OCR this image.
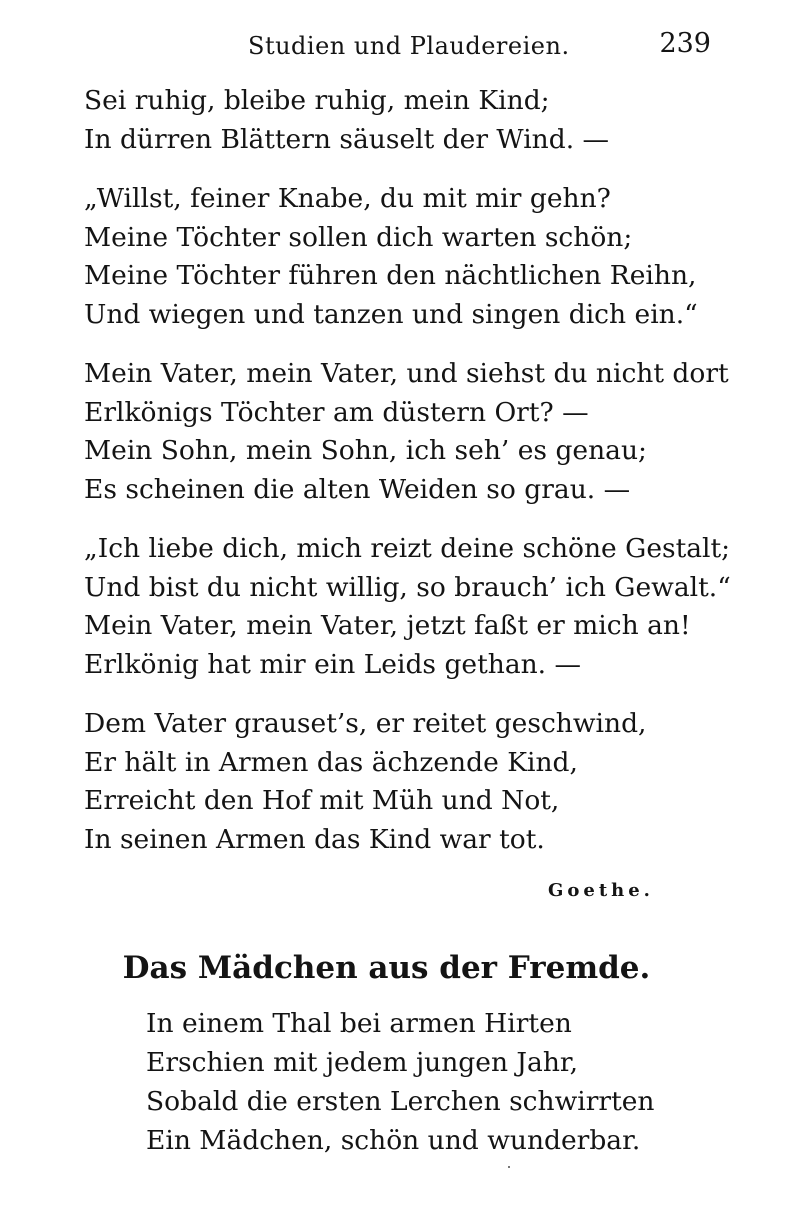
Studien und Plaudereien.	239
Sei ruhig, bleibe ruhig, mein Kind;
In dürren Blättern säuselt der Wind. —
„Willst, feiner Knabe, du mit mir gehn?
Meine Töchter sollen dich warten schön;
Meine Töchter führen den nächtlichen Reihn,
Und wiegen und tanzen und singen dich ein.“
Mein Vater, mein Vater, und siehst du nicht dort
Erlkönigs Töchter am düstern Ort? —
Mein Sohn, mein Sohn, ich seh’ es genau;
Es scheinen die alten Weiden so grau. —
„Ich liebe dich, mich reizt deine schöne Gestalt;
Und bist du nicht willig, so brauch’ ich Gewalt.“
Mein Vater, mein Vater, jetzt faßt er mich an!
Erlkönig hat mir ein Leids gethan. —
Dem Vater grauset’s, er reitet geschwind,
Er hält in Armen das ächzende Kind,
Erreicht den Hof mit Müh und Not,
In seinen Armen das Kind war tot.
Goethe.
Das Mädchen aus der Fremde.
In einem Thal bei armen Hirten
Erschien mit jedem jungen Jahr,
Sobald die ersten Lerchen schwirrten
Ein Mädchen, schön und wunderbar.
